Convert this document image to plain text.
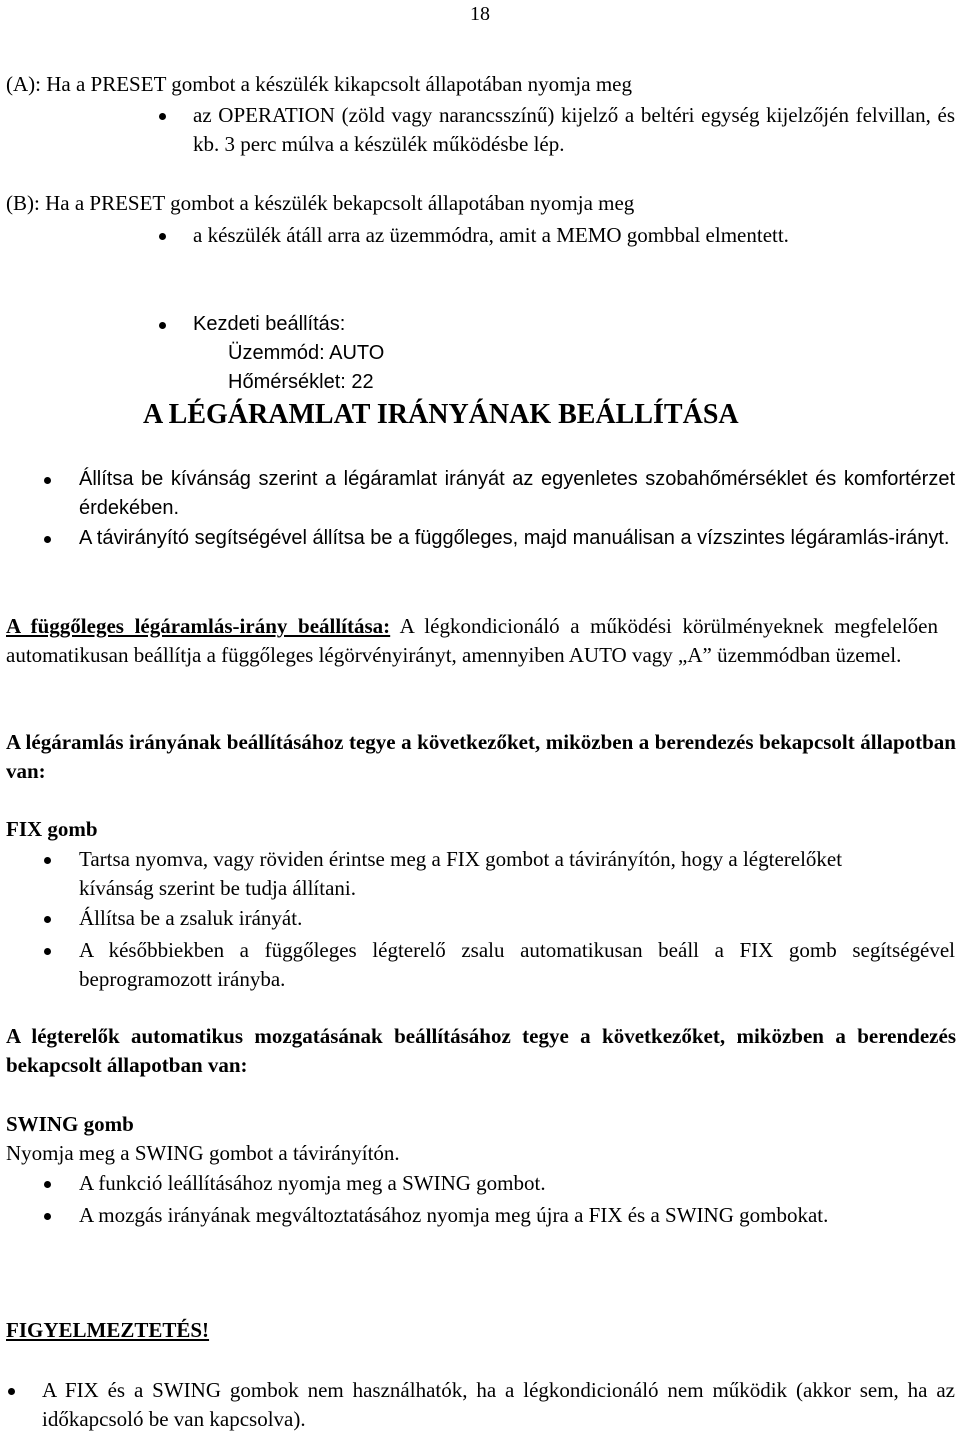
18
(A): Ha a PRESET gombot a készülék kikapcsolt állapotában nyomja meg
az OPERATION (zöld vagy narancsszínű) kijelző a beltéri egység kijelzőjén felvillan, és kb. 3 perc múlva a készülék működésbe lép.
(B): Ha a PRESET gombot a készülék bekapcsolt állapotában nyomja meg
a készülék átáll arra az üzemmódra, amit a MEMO gombbal elmentett.
Kezdeti beállítás:
Üzemmód: AUTO
Hőmérséklet: 22
A LÉGÁRAMLAT IRÁNYÁNAK BEÁLLÍTÁSA
Állítsa be kívánság szerint a légáramlat irányát az egyenletes szobahőmérséklet és komfortérzet érdekében.
A távirányító segítségével állítsa be a függőleges, majd manuálisan a vízszintes légáramlás-irányt.
A függőleges légáramlás-irány beállítása: A légkondicionáló a működési körülményeknek megfelelően automatikusan beállítja a függőleges légörvényirányt, amennyiben AUTO vagy „A” üzemmódban üzemel.
A légáramlás irányának beállításához tegye a következőket, miközben a berendezés bekapcsolt állapotban van:
FIX gomb
Tartsa nyomva, vagy röviden érintse meg a FIX gombot a távirányítón, hogy a légterelőket kívánság szerint be tudja állítani.
Állítsa be a zsaluk irányát.
A későbbiekben a függőleges légterelő zsalu automatikusan beáll a FIX gomb segítségével beprogramozott irányba.
A légterelők automatikus mozgatásának beállításához tegye a következőket, miközben a berendezés bekapcsolt állapotban van:
SWING gomb
Nyomja meg a SWING gombot a távirányítón.
A funkció leállításához nyomja meg a SWING gombot.
A mozgás irányának megváltoztatásához nyomja meg újra a FIX és a SWING gombokat.
FIGYELMEZTETÉS!
A FIX és a SWING gombok nem használhatók, ha a légkondicionáló nem működik (akkor sem, ha az időkapcsoló be van kapcsolva).
